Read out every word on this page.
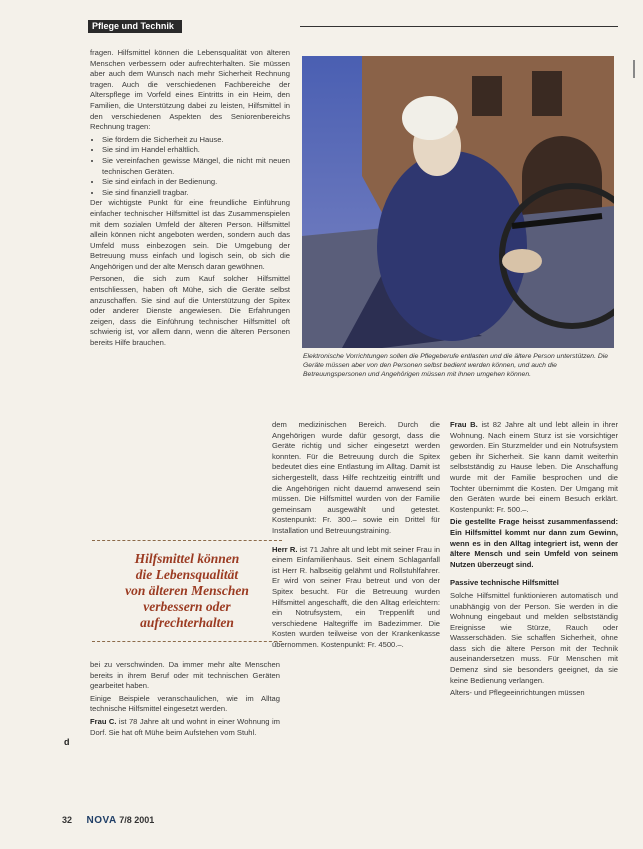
Pflege und Technik

fragen. Hilfsmittel können die Lebensqualität von älteren Menschen verbessern oder aufrechterhalten. Sie müssen aber auch dem Wunsch nach mehr Sicherheit Rechnung tragen. Auch die verschiedenen Fachbereiche der Alterspflege im Vorfeld eines Eintritts in ein Heim, den Familien, die Unterstützung dabei zu leisten, Hilfsmittel in den verschiedenen Aspekten des Seniorenbereichs Rechnung tragen:

• Sie fördern die Sicherheit zu Hause.
• Sie sind im Handel erhältlich.
• Sie vereinfachen gewisse Mängel, die nicht mit neuen technischen Geräten.
• Sie sind einfach in der Bedienung.
• Sie sind finanziell tragbar.

Der wichtigste Punkt für eine freundliche Einführung einfacher technischer Hilfsmittel ist das Zusammenspielen mit dem sozialen Umfeld der älteren Person. Hilfsmittel allein können nicht angeboten werden, sondern auch das Umfeld muss einbezogen sein. Die Umgebung der Betreuung muss einfach und logisch sein, ob sich die Angehörigen und der alte Mensch daran gewöhnen.

Personen, die sich zum Kauf solcher Hilfsmittel entschliessen, haben oft Mühe, sich die Geräte selbst anzuschaffen. Sie sind auf die Unterstützung der Spitex oder anderer Dienste angewiesen. Die Erfahrungen zeigen, dass die Einführung technischer Hilfsmittel oft schwierig ist, vor allem dann, wenn die älteren Personen bereits Hilfe brauchen.

Hilfsmittel können
die Lebensqualität
von älteren Menschen
verbessern oder
aufrechterhalten

bei zu verschwinden. Da immer mehr alte Menschen bereits in ihrem Beruf oder mit technischen Geräten gearbeitet haben.

Einige Beispiele veranschaulichen, wie im Alltag technische Hilfsmittel eingesetzt werden.

Frau C. ist 78 Jahre alt und wohnt in einer Wohnung im Dorf. Sie hat oft Mühe beim Aufstehen vom Stuhl.

d
Elektronische Vorrichtungen sollen die Pflegeberufe entlasten und die ältere Person unterstützen. Die Geräte müssen aber von den Personen selbst bedient werden können, und auch die Betreuungspersonen und Angehörigen müssen mit ihnen umgehen können.

dem medizinischen Bereich. Durch die Angehörigen wurde dafür gesorgt, dass die Geräte richtig und sicher eingesetzt werden konnten. Für die Betreuung durch die Spitex bedeutet dies eine Entlastung im Alltag. Damit ist sichergestellt, dass Hilfe rechtzeitig eintrifft und die Angehörigen nicht dauernd anwesend sein müssen. Die Hilfsmittel wurden von der Familie gemeinsam ausgewählt und getestet. Kostenpunkt: Fr. 300.– sowie ein Drittel für Installation und Betreuungstraining.

Herr R. ist 71 Jahre alt und lebt mit seiner Frau in einem Einfamilienhaus. Seit einem Schlaganfall ist Herr R. halbseitig gelähmt und Rollstuhlfahrer. Er wird von seiner Frau betreut und von der Spitex besucht. Für die Betreuung wurden Hilfsmittel angeschafft, die den Alltag erleichtern: ein Notrufsystem, ein Treppenlift und verschiedene Haltegriffe im Badezimmer. Die Kosten wurden teilweise von der Krankenkasse übernommen. Kostenpunkt: Fr. 4500.–.

Frau B. ist 82 Jahre alt und lebt allein in ihrer Wohnung. Nach einem Sturz ist sie vorsichtiger geworden. Ein Sturzmelder und ein Notrufsystem geben ihr Sicherheit. Sie kann damit weiterhin selbstständig zu Hause leben. Die Anschaffung wurde mit der Familie besprochen und die Tochter übernimmt die Kosten. Der Umgang mit den Geräten wurde bei einem Besuch erklärt. Kostenpunkt: Fr. 500.–.

Die gestellte Frage heisst zusammenfassend: Ein Hilfsmittel kommt nur dann zum Gewinn, wenn es in den Alltag integriert ist, wenn der ältere Mensch und sein Umfeld von seinem Nutzen überzeugt sind.

Passive technische Hilfsmittel

Solche Hilfsmittel funktionieren automatisch und unabhängig von der Person. Sie werden in die Wohnung eingebaut und melden selbstständig Ereignisse wie Stürze, Rauch oder Wasserschäden. Sie schaffen Sicherheit, ohne dass sich die ältere Person mit der Technik auseinandersetzen muss. Für Menschen mit Demenz sind sie besonders geeignet, da sie keine Bedienung verlangen.

Alters- und Pflegeeinrichtungen müssen

32 NOVA 7/8 2001
